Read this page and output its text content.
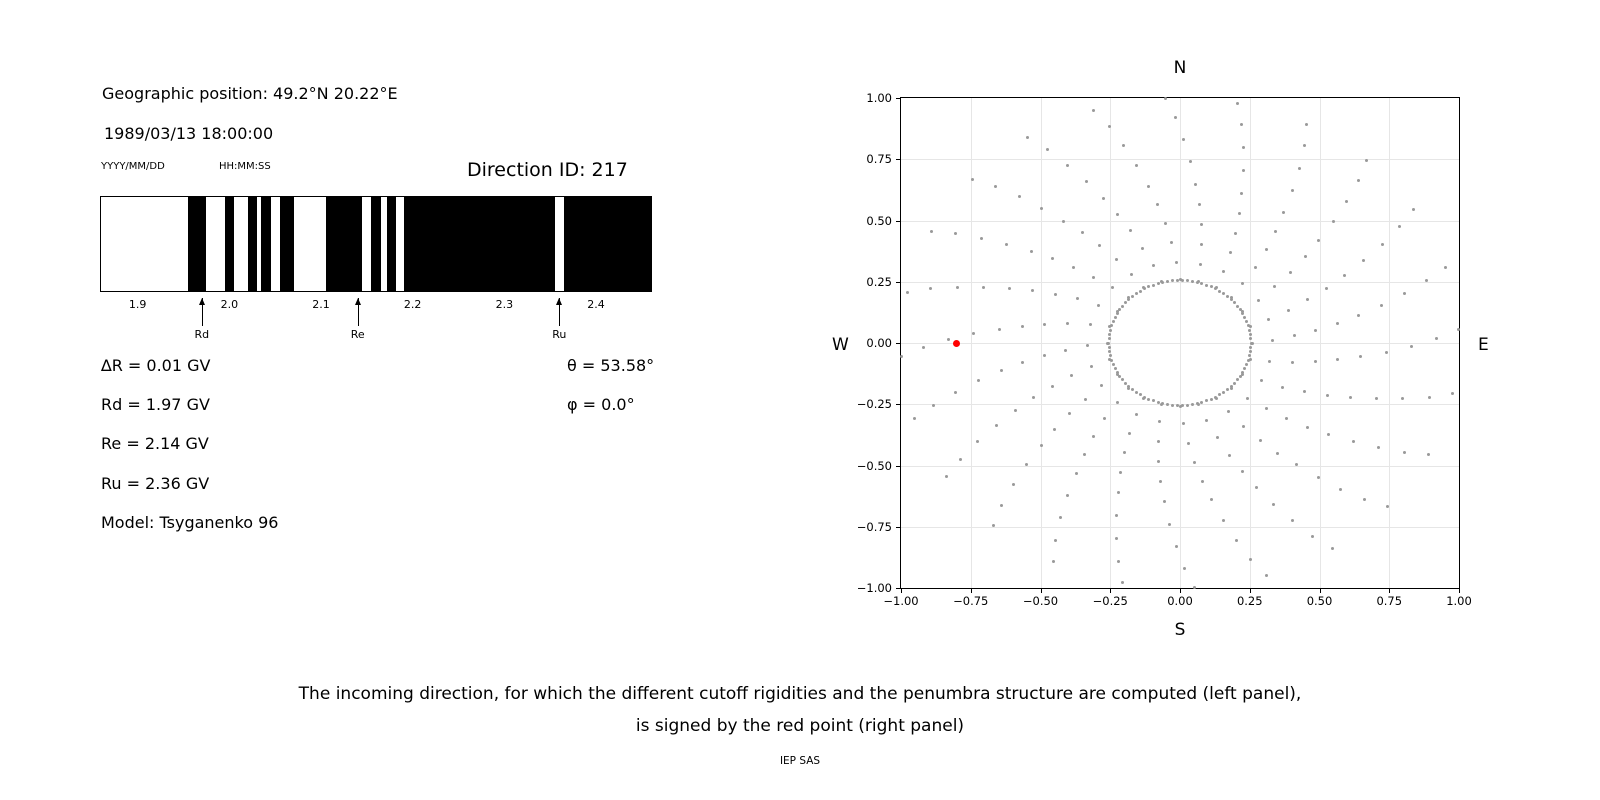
Geographic position: 49.2°N 20.22°E
1989/03/13 18:00:00
YYYY/MM/DD	HH:MM:SS	Direction ID: 217
1.9	2.0	2.1	2.2	2.3	2.4
Rd	Re	Ru
∆R = 0.01 GV
Rd = 1.97 GV
Re = 2.14 GV
Ru = 2.36 GV
Model: Tsyganenko 96
θ = 53.58°
φ = 0.0°
N
S
W	E
−1.00	−0.75	−0.50	−0.25	0.00	0.25	0.50	0.75	1.00
−1.00
−0.75
−0.50
−0.25
0.00
0.25
0.50
0.75
1.00
The incoming direction, for which the different cutoff rigidities and the penumbra structure are computed (left panel),
is signed by the red point (right panel)
IEP SAS
